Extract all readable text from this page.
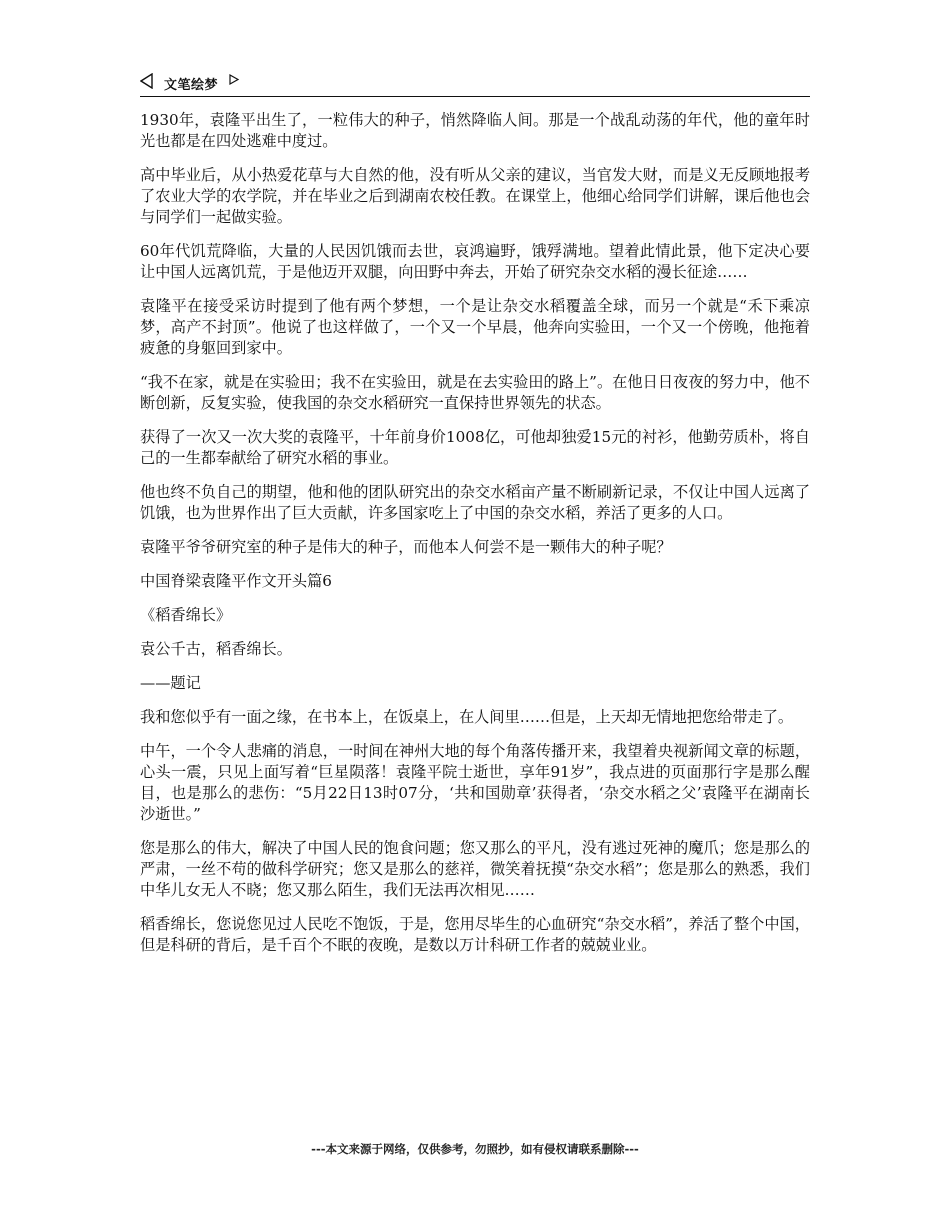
文笔绘梦

1930年，袁隆平出生了，一粒伟大的种子，悄然降临人间。那是一个战乱动荡的年代，他的童年时光也都是在四处逃难中度过。

高中毕业后，从小热爱花草与大自然的他，没有听从父亲的建议，当官发大财，而是义无反顾地报考了农业大学的农学院，并在毕业之后到湖南农校任教。在课堂上，他细心给同学们讲解，课后他也会与同学们一起做实验。

60年代饥荒降临，大量的人民因饥饿而去世，哀鸿遍野，饿殍满地。望着此情此景，他下定决心要让中国人远离饥荒，于是他迈开双腿，向田野中奔去，开始了研究杂交水稻的漫长征途……

袁隆平在接受采访时提到了他有两个梦想，一个是让杂交水稻覆盖全球，而另一个就是“禾下乘凉梦，高产不封顶”。他说了也这样做了，一个又一个早晨，他奔向实验田，一个又一个傍晚，他拖着疲惫的身躯回到家中。

“我不在家，就是在实验田；我不在实验田，就是在去实验田的路上”。在他日日夜夜的努力中，他不断创新，反复实验，使我国的杂交水稻研究一直保持世界领先的状态。

获得了一次又一次大奖的袁隆平，十年前身价1008亿，可他却独爱15元的衬衫，他勤劳质朴，将自己的一生都奉献给了研究水稻的事业。

他也终不负自己的期望，他和他的团队研究出的杂交水稻亩产量不断刷新记录，不仅让中国人远离了饥饿，也为世界作出了巨大贡献，许多国家吃上了中国的杂交水稻，养活了更多的人口。

袁隆平爷爷研究室的种子是伟大的种子，而他本人何尝不是一颗伟大的种子呢？

中国脊梁袁隆平作文开头篇6

《稻香绵长》

袁公千古，稻香绵长。

——题记

我和您似乎有一面之缘，在书本上，在饭桌上，在人间里……但是，上天却无情地把您给带走了。

中午，一个令人悲痛的消息，一时间在神州大地的每个角落传播开来，我望着央视新闻文章的标题，心头一震，只见上面写着“巨星陨落！袁隆平院士逝世，享年91岁”，我点进的页面那行字是那么醒目，也是那么的悲伤：“5月22日13时07分，‘共和国勋章’获得者，‘杂交水稻之父’袁隆平在湖南长沙逝世。”

您是那么的伟大，解决了中国人民的饱食问题；您又那么的平凡，没有逃过死神的魔爪；您是那么的严肃，一丝不苟的做科学研究；您又是那么的慈祥，微笑着抚摸“杂交水稻”；您是那么的熟悉，我们中华儿女无人不晓；您又那么陌生，我们无法再次相见……

稻香绵长，您说您见过人民吃不饱饭，于是，您用尽毕生的心血研究“杂交水稻”，养活了整个中国，但是科研的背后，是千百个不眠的夜晚，是数以万计科研工作者的兢兢业业。

---本文来源于网络，仅供参考，勿照抄，如有侵权请联系删除---
